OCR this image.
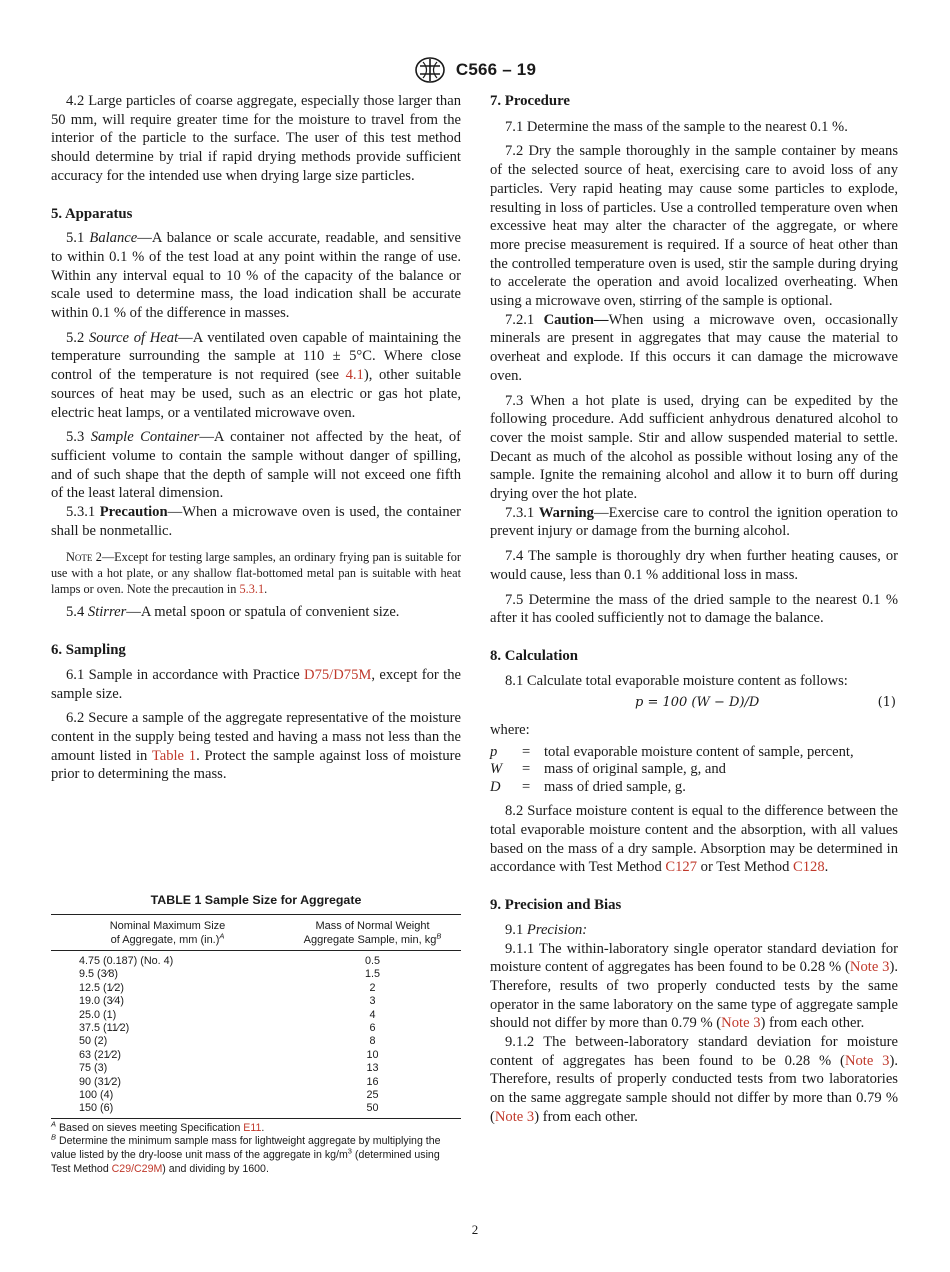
C566 – 19

4.2 Large particles of coarse aggregate, especially those larger than 50 mm, will require greater time for the moisture to travel from the interior of the particle to the surface. The user of this test method should determine by trial if rapid drying methods provide sufficient accuracy for the intended use when drying large size particles.

5. Apparatus

5.1 Balance—A balance or scale accurate, readable, and sensitive to within 0.1 % of the test load at any point within the range of use. Within any interval equal to 10 % of the capacity of the balance or scale used to determine mass, the load indication shall be accurate within 0.1 % of the difference in masses.

5.2 Source of Heat—A ventilated oven capable of maintaining the temperature surrounding the sample at 110 ± 5°C. Where close control of the temperature is not required (see 4.1), other suitable sources of heat may be used, such as an electric or gas hot plate, electric heat lamps, or a ventilated microwave oven.

5.3 Sample Container—A container not affected by the heat, of sufficient volume to contain the sample without danger of spilling, and of such shape that the depth of sample will not exceed one fifth of the least lateral dimension.

5.3.1 Precaution—When a microwave oven is used, the container shall be nonmetallic.

Note 2—Except for testing large samples, an ordinary frying pan is suitable for use with a hot plate, or any shallow flat-bottomed metal pan is suitable with heat lamps or oven. Note the precaution in 5.3.1.

5.4 Stirrer—A metal spoon or spatula of convenient size.

6. Sampling

6.1 Sample in accordance with Practice D75/D75M, except for the sample size.

6.2 Secure a sample of the aggregate representative of the moisture content in the supply being tested and having a mass not less than the amount listed in Table 1. Protect the sample against loss of moisture prior to determining the mass.

TABLE 1 Sample Size for Aggregate
Nominal Maximum Size
of Aggregate, mm $(in.)^A$	Mass of Normal Weight
Aggregate Sample, min, $kg^B$
4.75 (0.187) (No. 4)	0.5
9.5 (3⁄8)	1.5
12.5 (1⁄2)	2
19.0 (3⁄4)	3
25.0 (1)	4
37.5 (11⁄2)	6
50 (2)	8
63 (21⁄2)	10
75 (3)	13
90 (31⁄2)	16
100 (4)	25
150 (6)	50
$^A$ Based on sieves meeting Specification E11.
$^B$ Determine the minimum sample mass for lightweight aggregate by multiplying the value listed by the dry-loose unit mass of the aggregate in $kg/m^3$ (determined using Test Method C29/C29M) and dividing by 1600.
7. Procedure

7.1 Determine the mass of the sample to the nearest 0.1 %.

7.2 Dry the sample thoroughly in the sample container by means of the selected source of heat, exercising care to avoid loss of any particles. Very rapid heating may cause some particles to explode, resulting in loss of particles. Use a controlled temperature oven when excessive heat may alter the character of the aggregate, or where more precise measurement is required. If a source of heat other than the controlled temperature oven is used, stir the sample during drying to accelerate the operation and avoid localized overheating. When using a microwave oven, stirring of the sample is optional.

7.2.1 Caution—When using a microwave oven, occasionally minerals are present in aggregates that may cause the material to overheat and explode. If this occurs it can damage the microwave oven.

7.3 When a hot plate is used, drying can be expedited by the following procedure. Add sufficient anhydrous denatured alcohol to cover the moist sample. Stir and allow suspended material to settle. Decant as much of the alcohol as possible without losing any of the sample. Ignite the remaining alcohol and allow it to burn off during drying over the hot plate.

7.3.1 Warning—Exercise care to control the ignition operation to prevent injury or damage from the burning alcohol.

7.4 The sample is thoroughly dry when further heating causes, or would cause, less than 0.1 % additional loss in mass.

7.5 Determine the mass of the dried sample to the nearest 0.1 % after it has cooled sufficiently not to damage the balance.

8. Calculation

8.1 Calculate total evaporable moisture content as follows:

p = 100 (W − D)/D	(1)

where:

p	= total evaporable moisture content of sample, percent,
W	= mass of original sample, g, and
D	= mass of dried sample, g.

8.2 Surface moisture content is equal to the difference between the total evaporable moisture content and the absorption, with all values based on the mass of a dry sample. Absorption may be determined in accordance with Test Method C127 or Test Method C128.

9. Precision and Bias

9.1 Precision:

9.1.1 The within-laboratory single operator standard deviation for moisture content of aggregates has been found to be 0.28 % (Note 3). Therefore, results of two properly conducted tests by the same operator in the same laboratory on the same type of aggregate sample should not differ by more than 0.79 % (Note 3) from each other.

9.1.2 The between-laboratory standard deviation for moisture content of aggregates has been found to be 0.28 % (Note 3). Therefore, results of properly conducted tests from two laboratories on the same aggregate sample should not differ by more than 0.79 % (Note 3) from each other.

2
